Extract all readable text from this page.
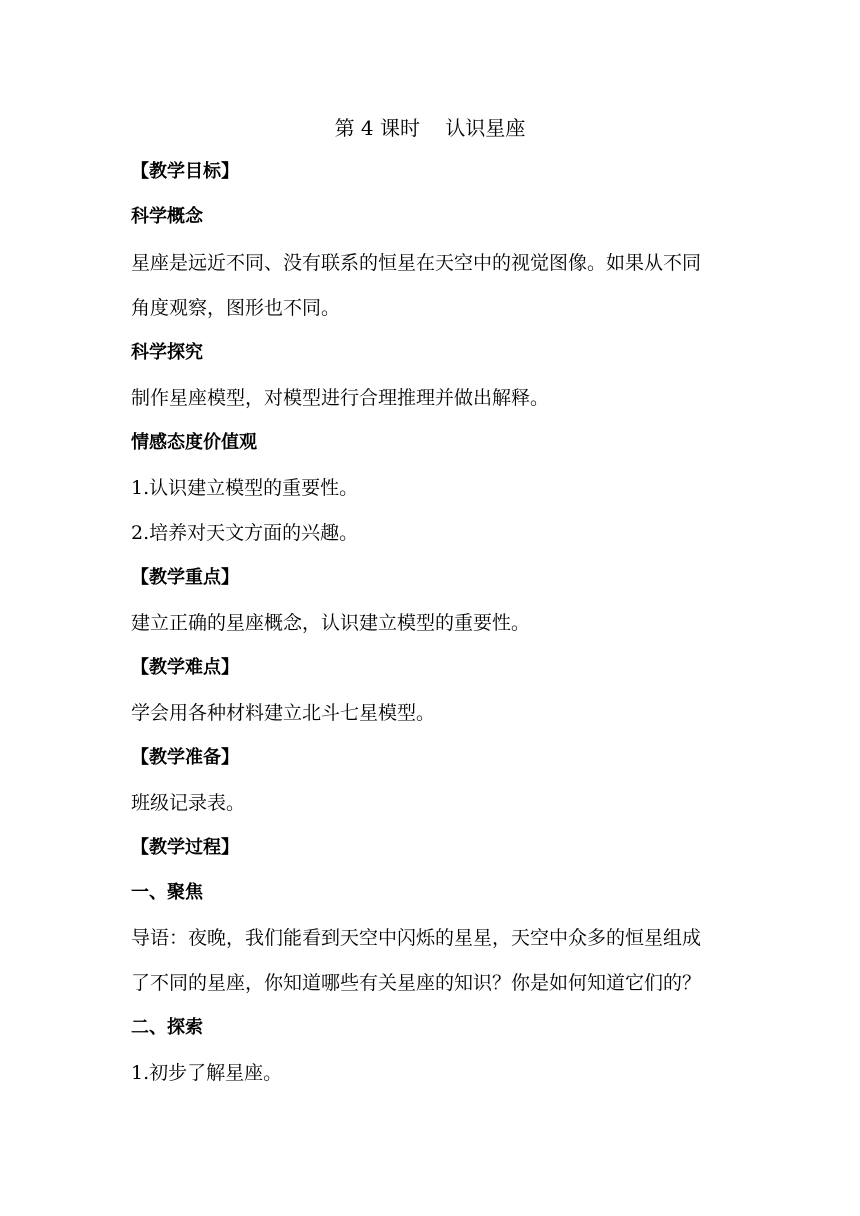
第 4 课时    认识星座
【教学目标】
科学概念
星座是远近不同、没有联系的恒星在天空中的视觉图像。如果从不同
角度观察，图形也不同。
科学探究
制作星座模型，对模型进行合理推理并做出解释。
情感态度价值观
1.认识建立模型的重要性。
2.培养对天文方面的兴趣。
【教学重点】
建立正确的星座概念，认识建立模型的重要性。
【教学难点】
学会用各种材料建立北斗七星模型。
【教学准备】
班级记录表。
【教学过程】
一、聚焦
导语：夜晚，我们能看到天空中闪烁的星星，天空中众多的恒星组成
了不同的星座，你知道哪些有关星座的知识？你是如何知道它们的？
二、探索
1.初步了解星座。
